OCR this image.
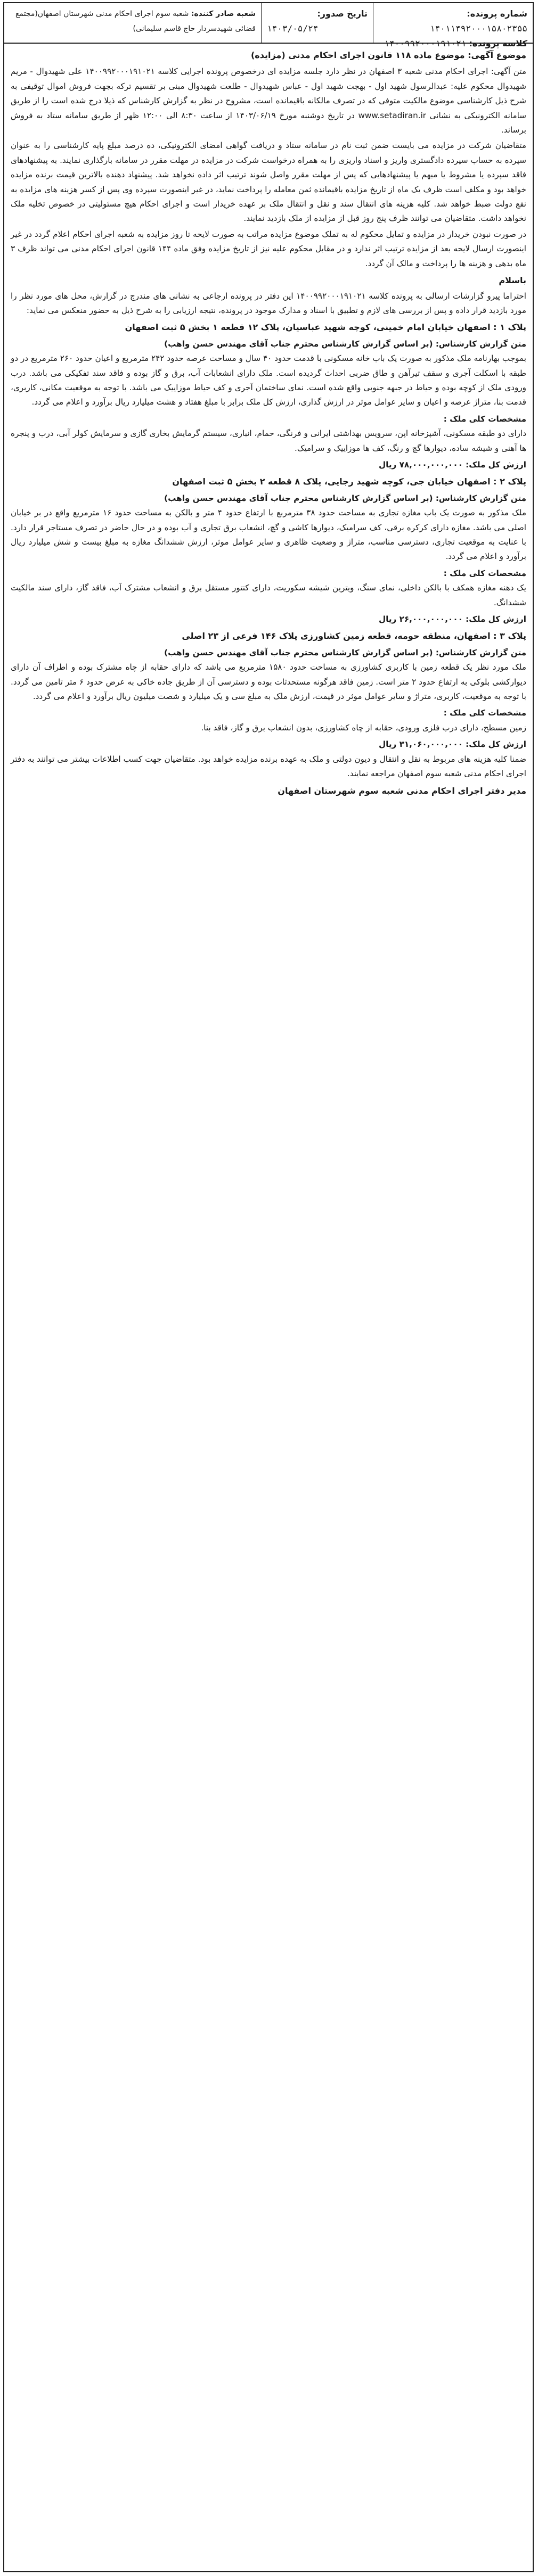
شماره پرونده: ۱۴۰۱۱۴۹۲۰۰۰۱۵۸۰۲۳۵۵
کلاسه پرونده: ۱۴۰۰۹۹۲۰۰۰۱۹۱۰۲۱
تاریخ صدور:
۱۴۰۳/۰۵/۲۴
شعبه صادر کننده: شعبه سوم اجرای احکام مدنی شهرستان اصفهان(مجتمع قضائی شهیدسردار حاج قاسم سلیمانی)
موضوع آگهی: موضوع ماده ۱۱۸ قانون اجرای احکام مدنی (مزایده)

متن آگهی: اجرای احکام مدنی شعبه ۳ اصفهان در نظر دارد جلسه مزایده ای درخصوص پرونده اجرایی کلاسه ۱۴۰۰۹۹۲۰۰۰۱۹۱۰۲۱ علی شهیدوال - مریم شهیدوال محکوم علیه: عبدالرسول شهید اول - بهجت شهید اول - عباس شهیدوال - طلعت شهیدوال مبنی بر تقسیم ترکه بجهت فروش اموال توقیفی به شرح ذیل کارشناسی موضوع مالکیت متوفی که در تصرف مالکانه باقیمانده است، مشروح در نظر به گزارش کارشناس که ذیلا درج شده است را از طریق سامانه الکترونیکی به نشانی www.setadiran.ir در تاریخ دوشنبه مورخ ۱۴۰۳/۰۶/۱۹ از ساعت ۸:۳۰ الی ۱۲:۰۰ ظهر از طریق سامانه ستاد به فروش برساند.

متقاضیان شرکت در مزایده می بایست ضمن ثبت نام در سامانه ستاد و دریافت گواهی امضای الکترونیکی، ده درصد مبلغ پایه کارشناسی را به عنوان سپرده به حساب سپرده دادگستری واریز و اسناد واریزی را به همراه درخواست شرکت در مزایده در مهلت مقرر در سامانه بارگذاری نمایند. به پیشنهادهای فاقد سپرده یا مشروط یا مبهم یا پیشنهادهایی که پس از مهلت مقرر واصل شوند ترتیب اثر داده نخواهد شد. پیشنهاد دهنده بالاترین قیمت برنده مزایده خواهد بود و مکلف است ظرف یک ماه از تاریخ مزایده باقیمانده ثمن معامله را پرداخت نماید، در غیر اینصورت سپرده وی پس از کسر هزینه های مزایده به نفع دولت ضبط خواهد شد. کلیه هزینه های انتقال سند و نقل و انتقال ملک بر عهده خریدار است و اجرای احکام هیچ مسئولیتی در خصوص تخلیه ملک نخواهد داشت. متقاضیان می توانند ظرف پنج روز قبل از مزایده از ملک بازدید نمایند.

در صورت نبودن خریدار در مزایده و تمایل محکوم له به تملک موضوع مزایده مراتب به صورت لایحه تا روز مزایده به شعبه اجرای احکام اعلام گردد در غیر اینصورت ارسال لایحه بعد از مزایده ترتیب اثر ندارد و در مقابل محکوم علیه نیز از تاریخ مزایده وفق ماده ۱۴۴ قانون اجرای احکام مدنی می تواند ظرف ۳ ماه بدهی و هزینه ها را پرداخت و مالک آن گردد.

باسلام

احتراما پیرو گزارشات ارسالی به پرونده کلاسه ۱۴۰۰۹۹۲۰۰۰۱۹۱۰۲۱ این دفتر در پرونده ارجاعی به نشانی های مندرج در گزارش، محل های مورد نظر را مورد بازدید قرار داده و پس از بررسی های لازم و تطبیق با اسناد و مدارک موجود در پرونده، نتیجه ارزیابی را به شرح ذیل به حضور منعکس می نماید:

پلاک ۱ : اصفهان خیابان امام خمینی، کوچه شهید عباسیان، پلاک ۱۲ قطعه ۱ بخش ۵ ثبت اصفهان
متن گزارش کارشناس: (بر اساس گزارش کارشناس محترم جناب آقای مهندس حسن واهب)

بموجب بهارنامه ملک مذکور به صورت یک باب خانه مسکونی با قدمت حدود ۴۰ سال و مساحت عرصه حدود ۲۴۲ مترمربع و اعیان حدود ۲۶۰ مترمربع در دو طبقه با اسکلت آجری و سقف تیرآهن و طاق ضربی احداث گردیده است. ملک دارای انشعابات آب، برق و گاز بوده و فاقد سند تفکیکی می باشد. درب ورودی ملک از کوچه بوده و حیاط در جبهه جنوبی واقع شده است. نمای ساختمان آجری و کف حیاط موزاییک می باشد. با توجه به موقعیت مکانی، کاربری، قدمت بنا، متراژ عرصه و اعیان و سایر عوامل موثر در ارزش گذاری، ارزش کل ملک برابر با مبلغ هفتاد و هشت میلیارد ریال برآورد و اعلام می گردد.

مشخصات کلی ملک :

دارای دو طبقه مسکونی، آشپزخانه اپن، سرویس بهداشتی ایرانی و فرنگی، حمام، انباری، سیستم گرمایش بخاری گازی و سرمایش کولر آبی، درب و پنجره ها آهنی و شیشه ساده، دیوارها گچ و رنگ، کف ها موزاییک و سرامیک.

ارزش کل ملک: ۷۸,۰۰۰,۰۰۰,۰۰۰ ریال
پلاک ۲ : اصفهان خیابان جی، کوچه شهید رجایی، پلاک ۸ قطعه ۲ بخش ۵ ثبت اصفهان
متن گزارش کارشناس: (بر اساس گزارش کارشناس محترم جناب آقای مهندس حسن واهب)

ملک مذکور به صورت یک باب مغازه تجاری به مساحت حدود ۳۸ مترمربع با ارتفاع حدود ۴ متر و بالکن به مساحت حدود ۱۶ مترمربع واقع در بر خیابان اصلی می باشد. مغازه دارای کرکره برقی، کف سرامیک، دیوارها کاشی و گچ، انشعاب برق تجاری و آب بوده و در حال حاضر در تصرف مستاجر قرار دارد. با عنایت به موقعیت تجاری، دسترسی مناسب، متراژ و وضعیت ظاهری و سایر عوامل موثر، ارزش ششدانگ مغازه به مبلغ بیست و شش میلیارد ریال برآورد و اعلام می گردد.

مشخصات کلی ملک :

یک دهنه مغازه همکف با بالکن داخلی، نمای سنگ، ویترین شیشه سکوریت، دارای کنتور مستقل برق و انشعاب مشترک آب، فاقد گاز، دارای سند مالکیت ششدانگ.

ارزش کل ملک: ۲۶,۰۰۰,۰۰۰,۰۰۰ ریال
پلاک ۳ : اصفهان، منطقه حومه، قطعه زمین کشاورزی پلاک ۱۴۶ فرعی از ۲۳ اصلی
متن گزارش کارشناس: (بر اساس گزارش کارشناس محترم جناب آقای مهندس حسن واهب)

ملک مورد نظر یک قطعه زمین با کاربری کشاورزی به مساحت حدود ۱۵۸۰ مترمربع می باشد که دارای حقابه از چاه مشترک بوده و اطراف آن دارای دیوارکشی بلوکی به ارتفاع حدود ۲ متر است. زمین فاقد هرگونه مستحدثات بوده و دسترسی آن از طریق جاده خاکی به عرض حدود ۶ متر تامین می گردد. با توجه به موقعیت، کاربری، متراژ و سایر عوامل موثر در قیمت، ارزش ملک به مبلغ سی و یک میلیارد و شصت میلیون ریال برآورد و اعلام می گردد.

مشخصات کلی ملک :

زمین مسطح، دارای درب فلزی ورودی، حقابه از چاه کشاورزی، بدون انشعاب برق و گاز، فاقد بنا.

ارزش کل ملک: ۳۱,۰۶۰,۰۰۰,۰۰۰ ریال

ضمنا کلیه هزینه های مربوط به نقل و انتقال و دیون دولتی و ملک به عهده برنده مزایده خواهد بود. متقاضیان جهت کسب اطلاعات بیشتر می توانند به دفتر اجرای احکام مدنی شعبه سوم اصفهان مراجعه نمایند.

مدیر دفتر اجرای احکام مدنی شعبه سوم شهرستان اصفهان
